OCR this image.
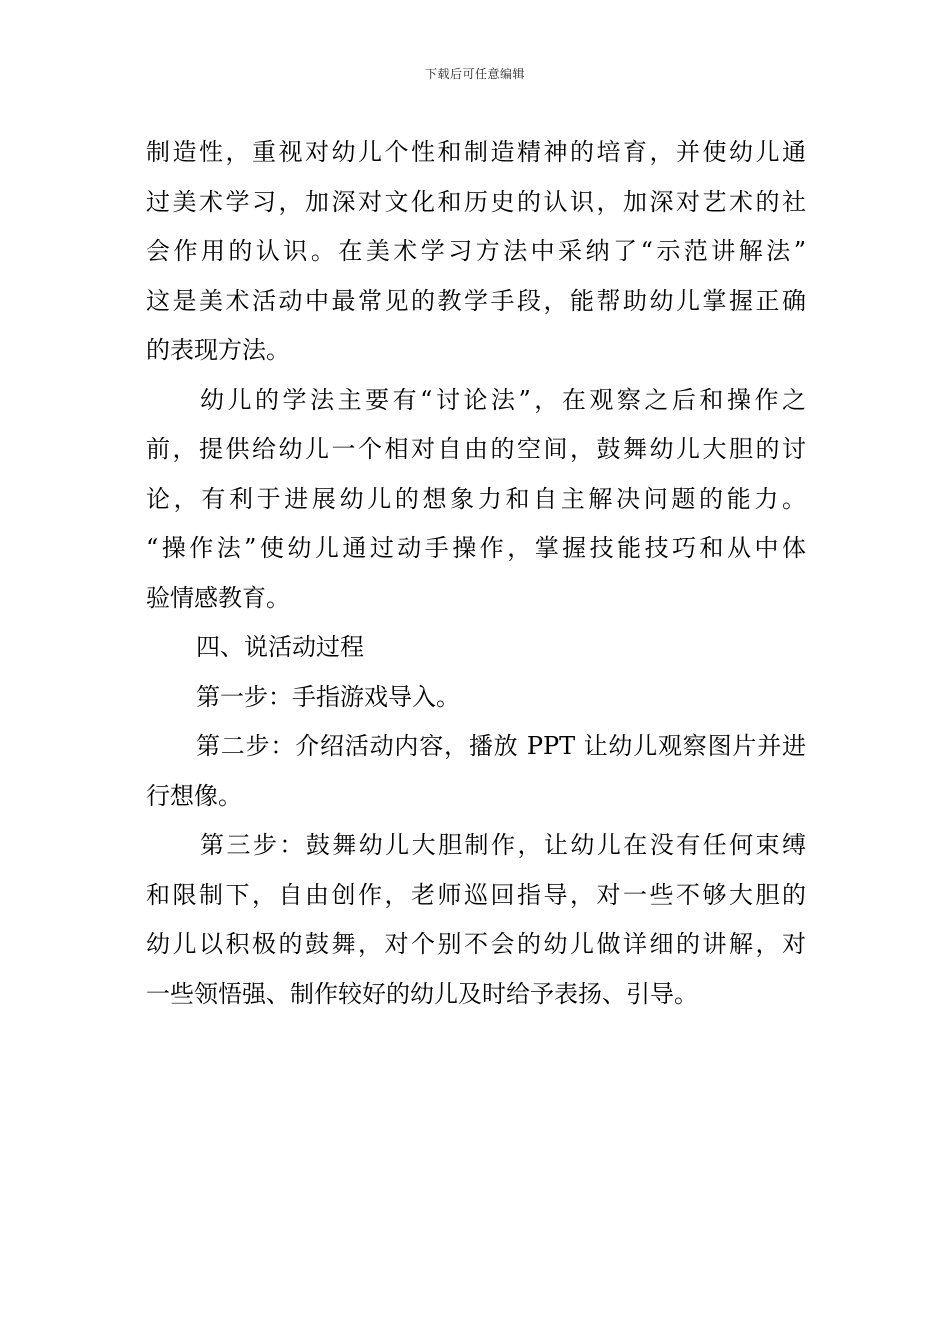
下载后可任意编辑
制造性，重视对幼儿个性和制造精神的培育，并使幼儿通
过美术学习，加深对文化和历史的认识，加深对艺术的社
会作用的认识。在美术学习方法中采纳了“示范讲解法”
这是美术活动中最常见的教学手段，能帮助幼儿掌握正确
的表现方法。
幼儿的学法主要有“讨论法”，在观察之后和操作之
前，提供给幼儿一个相对自由的空间，鼓舞幼儿大胆的讨
论，有利于进展幼儿的想象力和自主解决问题的能力。
“操作法”使幼儿通过动手操作，掌握技能技巧和从中体
验情感教育。
四、说活动过程
第一步：手指游戏导入。
第二步：介绍活动内容，播放 PPT 让幼儿观察图片并进
行想像。
第三步：鼓舞幼儿大胆制作，让幼儿在没有任何束缚
和限制下，自由创作，老师巡回指导，对一些不够大胆的
幼儿以积极的鼓舞，对个别不会的幼儿做详细的讲解，对
一些领悟强、制作较好的幼儿及时给予表扬、引导。
